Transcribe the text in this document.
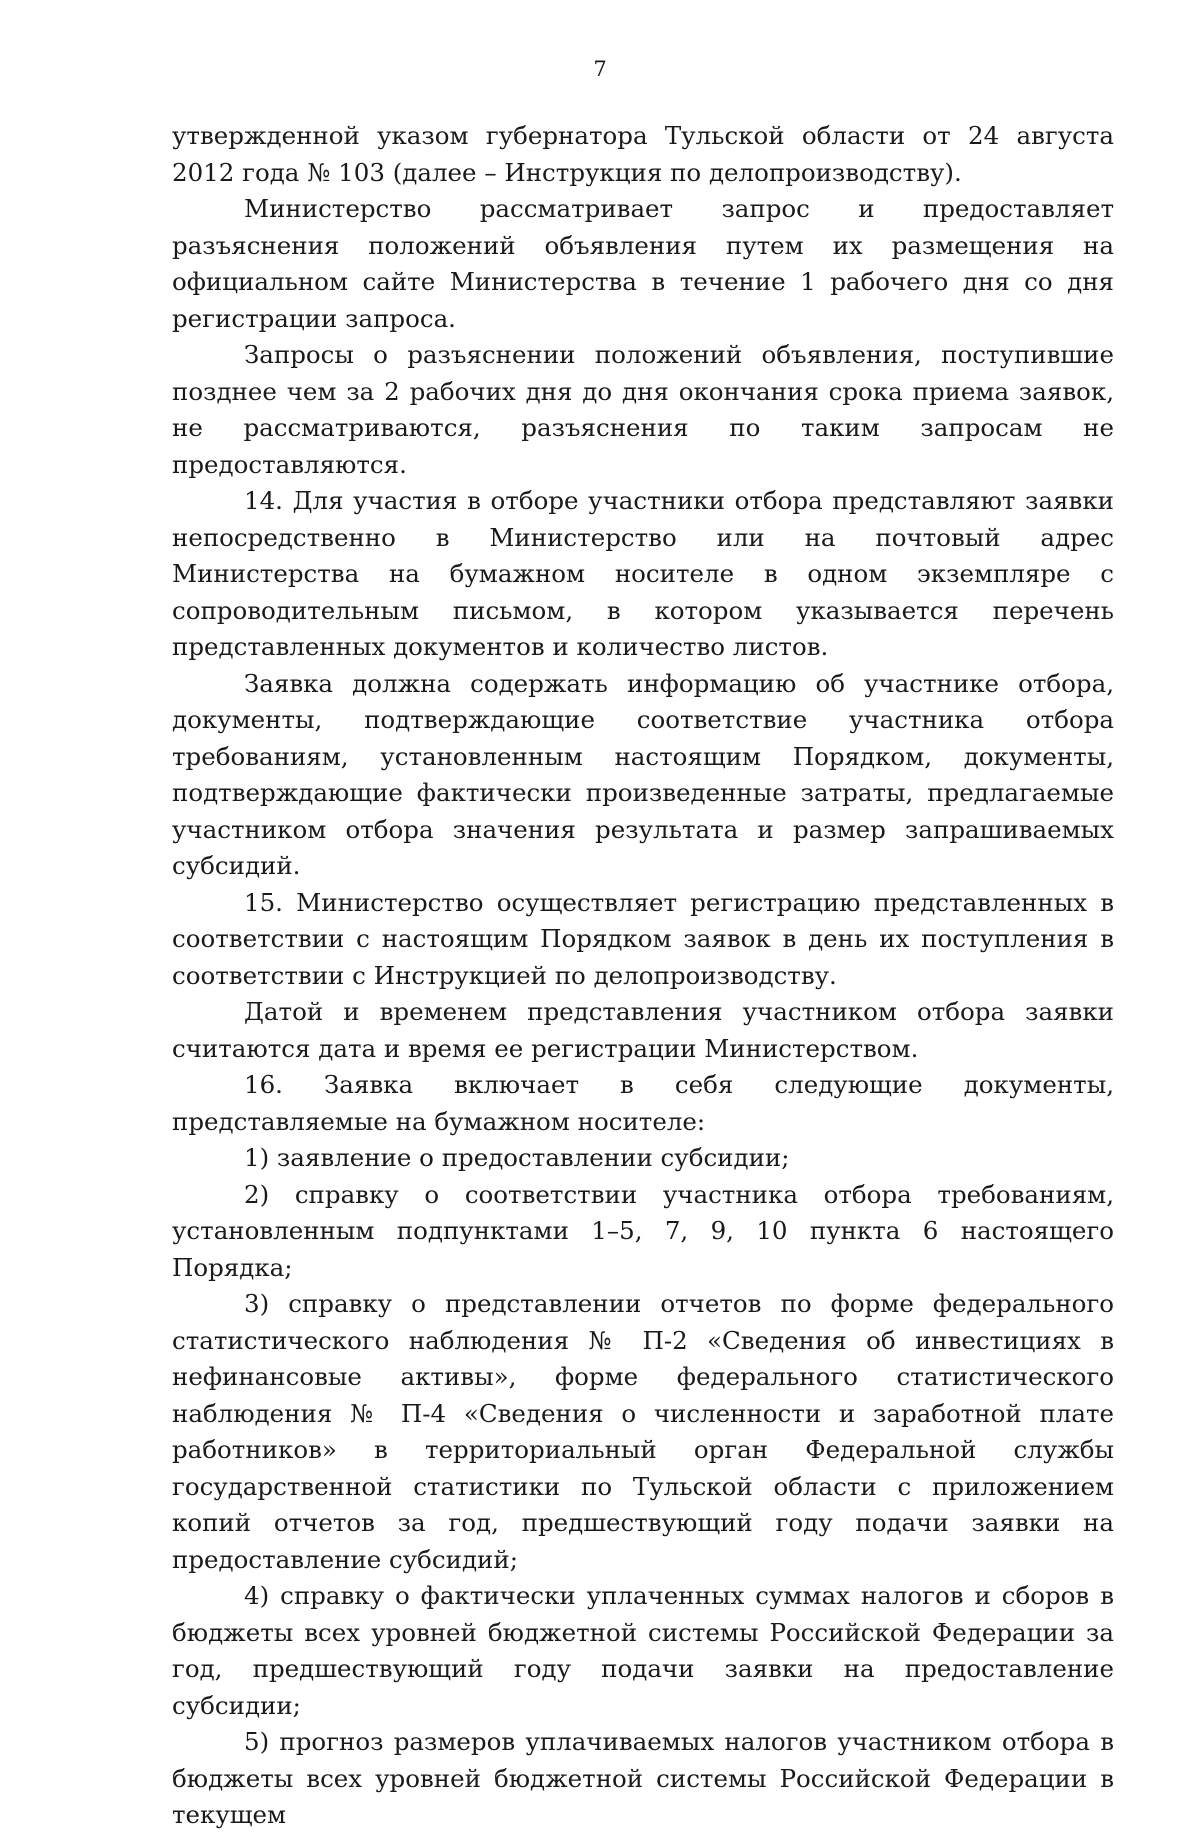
7

утвержденной указом губернатора Тульской области от 24 августа 2012 года № 103 (далее – Инструкция по делопроизводству).

Министерство рассматривает запрос и предоставляет разъяснения положений объявления путем их размещения на официальном сайте Министерства в течение 1 рабочего дня со дня регистрации запроса.

Запросы о разъяснении положений объявления, поступившие позднее чем за 2 рабочих дня до дня окончания срока приема заявок, не рассматриваются, разъяснения по таким запросам не предоставляются.

14. Для участия в отборе участники отбора представляют заявки непосредственно в Министерство или на почтовый адрес Министерства на бумажном носителе в одном экземпляре с сопроводительным письмом, в котором указывается перечень представленных документов и количество листов.

Заявка должна содержать информацию об участнике отбора, документы, подтверждающие соответствие участника отбора требованиям, установленным настоящим Порядком, документы, подтверждающие фактически произведенные затраты, предлагаемые участником отбора значения результата и размер запрашиваемых субсидий.

15. Министерство осуществляет регистрацию представленных в соответствии с настоящим Порядком заявок в день их поступления в соответствии с Инструкцией по делопроизводству.

Датой и временем представления участником отбора заявки считаются дата и время ее регистрации Министерством.

16. Заявка включает в себя следующие документы, представляемые на бумажном носителе:

1) заявление о предоставлении субсидии;

2) справку о соответствии участника отбора требованиям, установленным подпунктами 1–5, 7, 9, 10 пункта 6 настоящего Порядка;

3) справку о представлении отчетов по форме федерального статистического наблюдения № П-2 «Сведения об инвестициях в нефинансовые активы», форме федерального статистического наблюдения № П-4 «Сведения о численности и заработной плате работников» в территориальный орган Федеральной службы государственной статистики по Тульской области с приложением копий отчетов за год, предшествующий году подачи заявки на предоставление субсидий;

4) справку о фактически уплаченных суммах налогов и сборов в бюджеты всех уровней бюджетной системы Российской Федерации за год, предшествующий году подачи заявки на предоставление субсидии;

5) прогноз размеров уплачиваемых налогов участником отбора в бюджеты всех уровней бюджетной системы Российской Федерации в текущем
